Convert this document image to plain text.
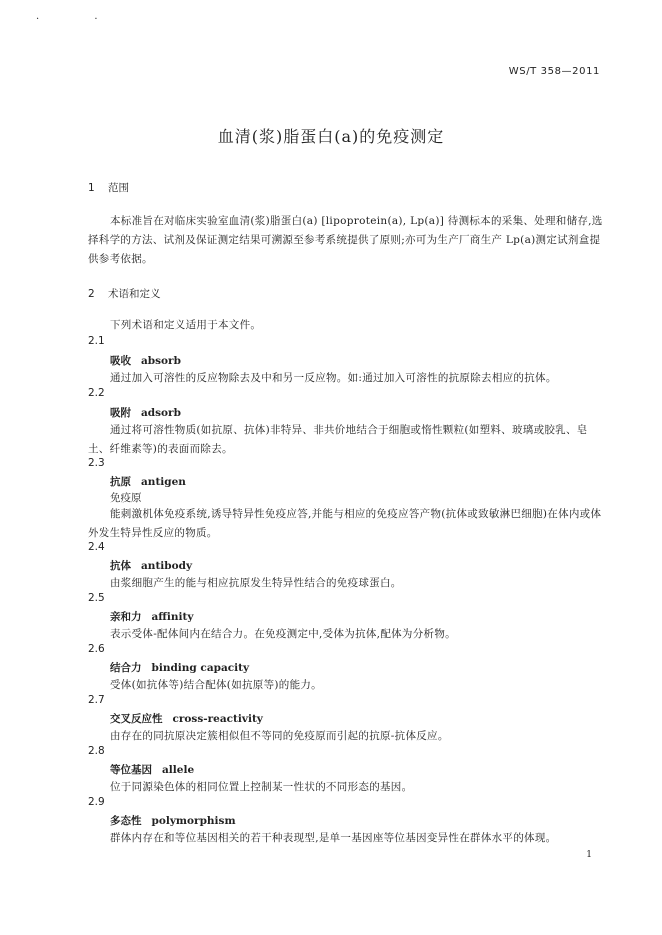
· ·
WS/T 358—2011
血清(浆)脂蛋白(a)的免疫测定
1 范围
本标准旨在对临床实验室血清(浆)脂蛋白(a) [lipoprotein(a), Lp(a)] 待测标本的采集、处理和储存,选择科学的方法、试剂及保证测定结果可溯源至参考系统提供了原则;亦可为生产厂商生产 Lp(a)测定试剂盒提供参考依据。
2 术语和定义
下列术语和定义适用于本文件。
2.1
吸收 absorb
通过加入可溶性的反应物除去及中和另一反应物。如:通过加入可溶性的抗原除去相应的抗体。
2.2
吸附 adsorb
通过将可溶性物质(如抗原、抗体)非特异、非共价地结合于细胞或惰性颗粒(如塑料、玻璃或胶乳、皂土、纤维素等)的表面而除去。
2.3
抗原 antigen
免疫原
能刺激机体免疫系统,诱导特异性免疫应答,并能与相应的免疫应答产物(抗体或致敏淋巴细胞)在体内或体外发生特异性反应的物质。
2.4
抗体 antibody
由浆细胞产生的能与相应抗原发生特异性结合的免疫球蛋白。
2.5
亲和力 affinity
表示受体-配体间内在结合力。在免疫测定中,受体为抗体,配体为分析物。
2.6
结合力 binding capacity
受体(如抗体等)结合配体(如抗原等)的能力。
2.7
交叉反应性 cross-reactivity
由存在的同抗原决定簇相似但不等同的免疫原而引起的抗原-抗体反应。
2.8
等位基因 allele
位于同源染色体的相同位置上控制某一性状的不同形态的基因。
2.9
多态性 polymorphism
群体内存在和等位基因相关的若干种表现型,是单一基因座等位基因变异性在群体水平的体现。
1
